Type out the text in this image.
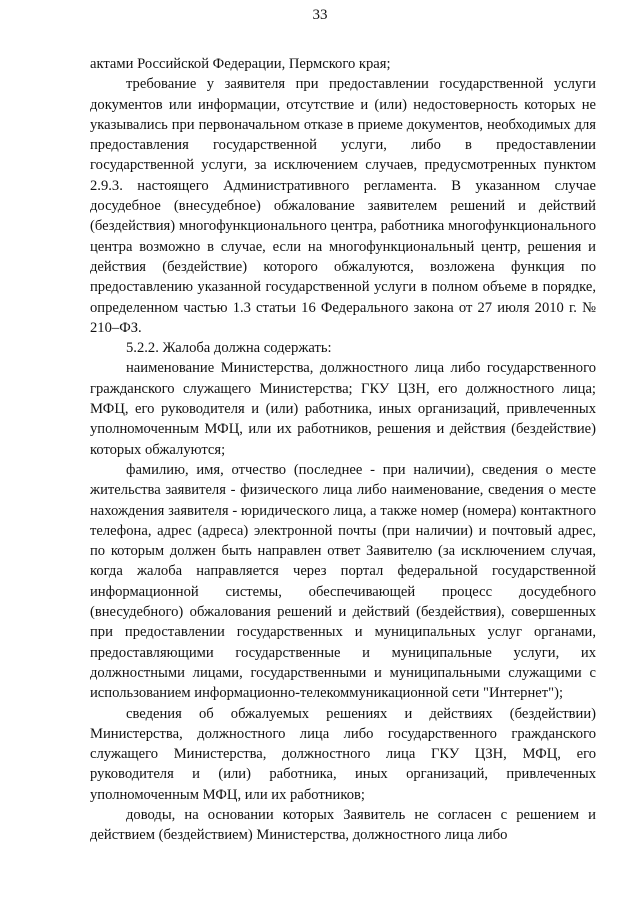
33

актами Российской Федерации, Пермского края;

требование у заявителя при предоставлении государственной услуги документов или информации, отсутствие и (или) недостоверность которых не указывались при первоначальном отказе в приеме документов, необходимых для предоставления государственной услуги, либо в предоставлении государственной услуги, за исключением случаев, предусмотренных пунктом 2.9.3. настоящего Административного регламента. В указанном случае досудебное (внесудебное) обжалование заявителем решений и действий (бездействия) многофункционального центра, работника многофункционального центра возможно в случае, если на многофункциональный центр, решения и действия (бездействие) которого обжалуются, возложена функция по предоставлению указанной государственной услуги в полном объеме в порядке, определенном частью 1.3 статьи 16 Федерального закона от 27 июля 2010 г. № 210–ФЗ.

5.2.2. Жалоба должна содержать:

наименование Министерства, должностного лица либо государственного гражданского служащего Министерства; ГКУ ЦЗН, его должностного лица; МФЦ, его руководителя и (или) работника, иных организаций, привлеченных уполномоченным МФЦ, или их работников, решения и действия (бездействие) которых обжалуются;

фамилию, имя, отчество (последнее - при наличии), сведения о месте жительства заявителя - физического лица либо наименование, сведения о месте нахождения заявителя - юридического лица, а также номер (номера) контактного телефона, адрес (адреса) электронной почты (при наличии) и почтовый адрес, по которым должен быть направлен ответ Заявителю (за исключением случая, когда жалоба направляется через портал федеральной государственной информационной системы, обеспечивающей процесс досудебного (внесудебного) обжалования решений и действий (бездействия), совершенных при предоставлении государственных и муниципальных услуг органами, предоставляющими государственные и муниципальные услуги, их должностными лицами, государственными и муниципальными служащими с использованием информационно-телекоммуникационной сети "Интернет");

сведения об обжалуемых решениях и действиях (бездействии) Министерства, должностного лица либо государственного гражданского служащего Министерства, должностного лица ГКУ ЦЗН, МФЦ, его руководителя и (или) работника, иных организаций, привлеченных уполномоченным МФЦ, или их работников;

доводы, на основании которых Заявитель не согласен с решением и действием (бездействием) Министерства, должностного лица либо
